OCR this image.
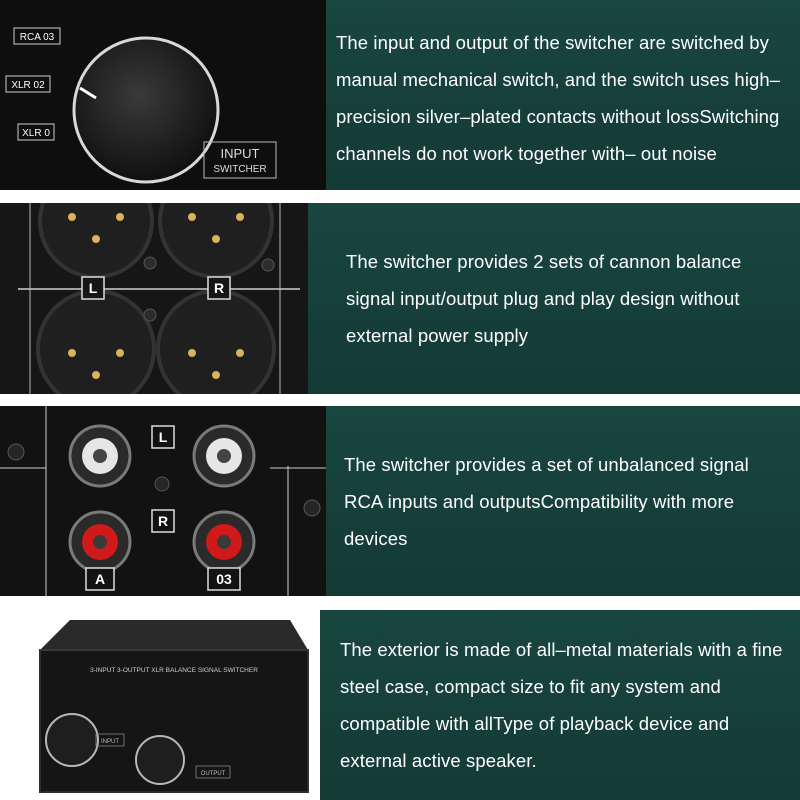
RCA 03
XLR 02
XLR 0
INPUT
SWITCHER

The input and output of the switcher are switched by manual mechanical switch, and the switch uses high–precision silver–plated contacts without lossSwitching channels do not work together with– out noise

L	R

The switcher provides 2 sets of cannon balance signal input/output plug and play design without external power supply

L
R
A	03

The switcher provides a set of unbalanced signal RCA inputs and outputsCompatibility with more devices

3-INPUT 3-OUTPUT XLR BALANCE SIGNAL SWITCHER
INPUT
OUTPUT

The exterior is made of all–metal materials with a fine steel case, compact size to fit any system and compatible with allType of playback device and external active speaker.
